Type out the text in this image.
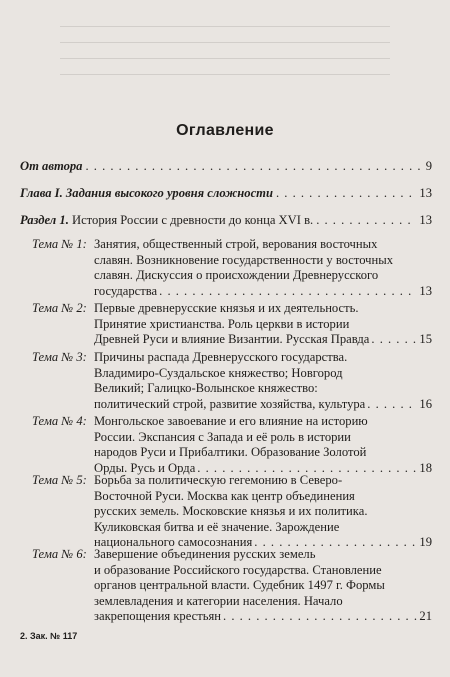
Оглавление
От автора . . .	9
Глава I. Задания высокого уровня сложности . . .	13
Раздел 1. История России с древности до конца XVI в. . . .	13
Тема № 1: Занятия, общественный строй, верования восточных
славян. Возникновение государственности у восточных
славян. Дискуссия о происхождении Древнерусского
государства . . .	13
Тема № 2: Первые древнерусские князья и их деятельность.
Принятие христианства. Роль церкви в истории
Древней Руси и влияние Византии. Русская Правда . . .	15
Тема № 3: Причины распада Древнерусского государства.
Владимиро-Суздальское княжество; Новгород
Великий; Галицко-Волынское княжество:
политический строй, развитие хозяйства, культура . . .	16
Тема № 4: Монгольское завоевание и его влияние на историю
России. Экспансия с Запада и её роль в истории
народов Руси и Прибалтики. Образование Золотой
Орды. Русь и Орда . . .	18
Тема № 5: Борьба за политическую гегемонию в Северо-
Восточной Руси. Москва как центр объединения
русских земель. Московские князья и их политика.
Куликовская битва и её значение. Зарождение
национального самосознания . . .	19
Тема № 6: Завершение объединения русских земель
и образование Российского государства. Становление
органов центральной власти. Судебник 1497 г. Формы
землевладения и категории населения. Начало
закрепощения крестьян . . .	21
2. Зак. № 117
